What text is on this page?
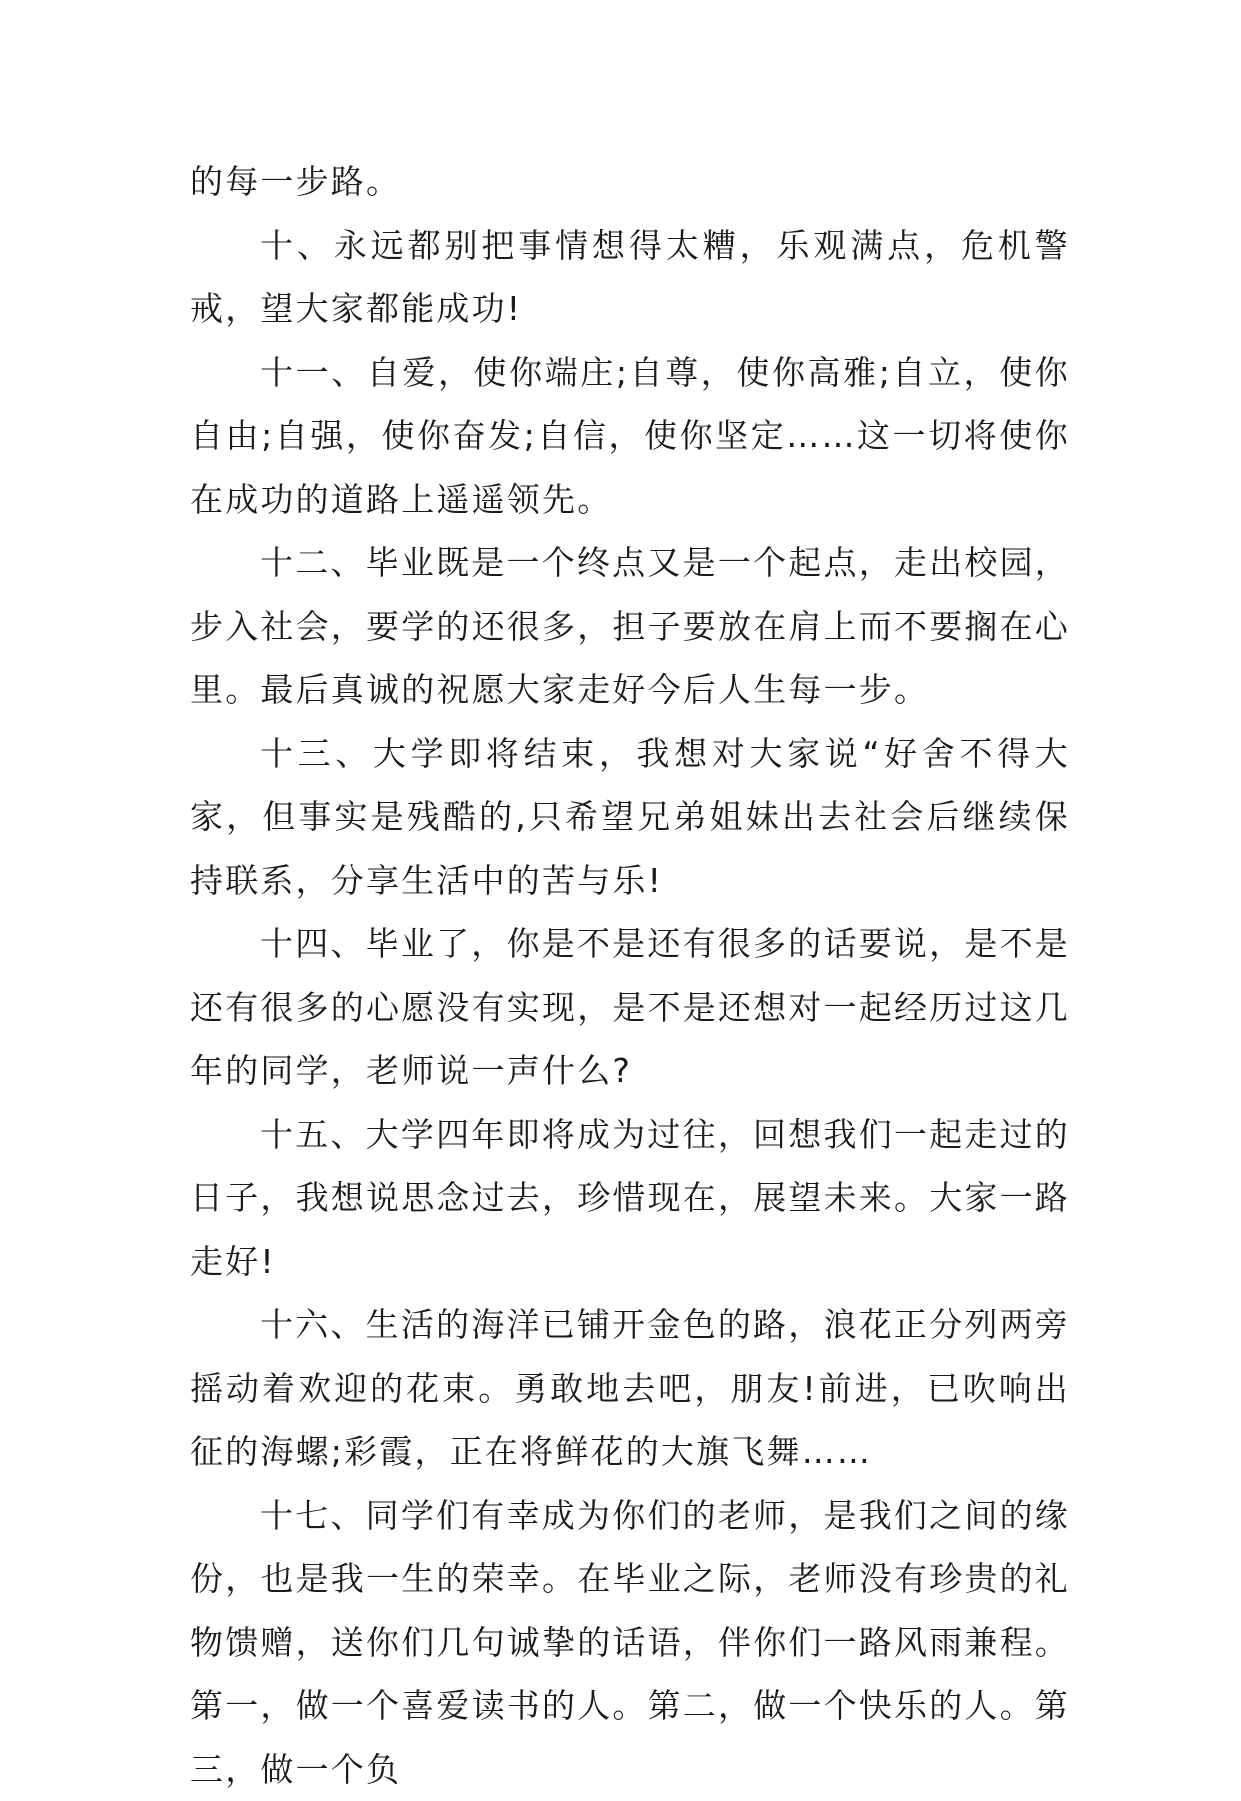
的每一步路。

十、永远都别把事情想得太糟，乐观满点，危机警戒，望大家都能成功!

十一、自爱，使你端庄;自尊，使你高雅;自立，使你自由;自强，使你奋发;自信，使你坚定……这一切将使你在成功的道路上遥遥领先。

十二、毕业既是一个终点又是一个起点，走出校园，步入社会，要学的还很多，担子要放在肩上而不要搁在心里。最后真诚的祝愿大家走好今后人生每一步。

十三、大学即将结束，我想对大家说“好舍不得大家，但事实是残酷的,只希望兄弟姐妹出去社会后继续保持联系，分享生活中的苦与乐!

十四、毕业了，你是不是还有很多的话要说，是不是还有很多的心愿没有实现，是不是还想对一起经历过这几年的同学，老师说一声什么?

十五、大学四年即将成为过往，回想我们一起走过的日子，我想说思念过去，珍惜现在，展望未来。大家一路走好!

十六、生活的海洋已铺开金色的路，浪花正分列两旁摇动着欢迎的花束。勇敢地去吧，朋友!前进，已吹响出征的海螺;彩霞，正在将鲜花的大旗飞舞……

十七、同学们有幸成为你们的老师，是我们之间的缘份，也是我一生的荣幸。在毕业之际，老师没有珍贵的礼物馈赠，送你们几句诚挚的话语，伴你们一路风雨兼程。第一，做一个喜爱读书的人。第二，做一个快乐的人。第三，做一个负
